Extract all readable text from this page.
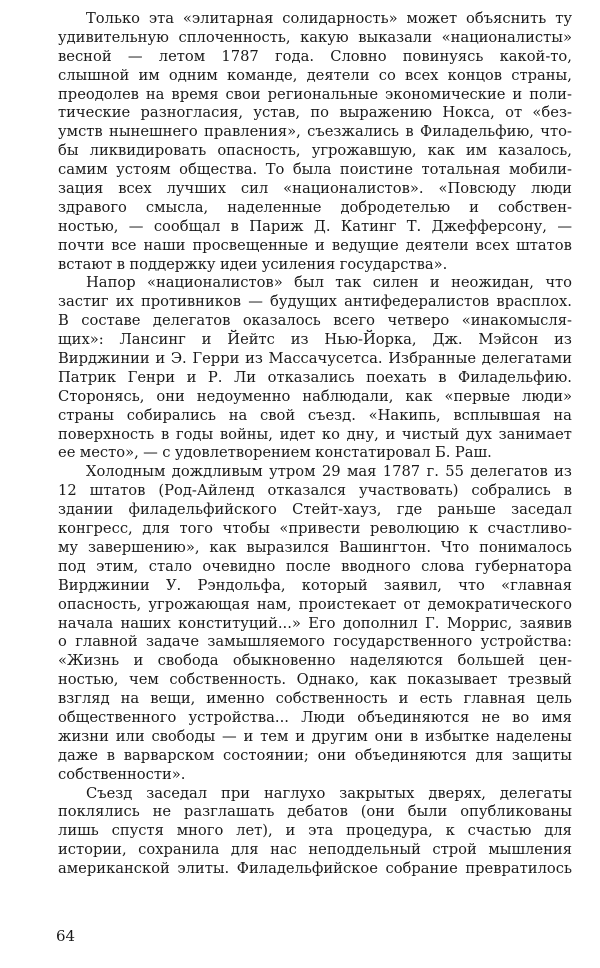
Только эта «элитарная солидарность» может объяснить ту
удивительную сплоченность, какую выказали «националисты»
весной — летом 1787 года. Словно повинуясь какой-то,
слышной им одним команде, деятели со всех концов страны,
преодолев на время свои региональные экономические и поли-
тические разногласия, устав, по выражению Нокса, от «без-
умств нынешнего правления», съезжались в Филадельфию, что-
бы ликвидировать опасность, угрожавшую, как им казалось,
самим устоям общества. То была поистине тотальная мобили-
зация всех лучших сил «националистов». «Повсюду люди
здравого смысла, наделенные добродетелью и собствен-
ностью, — сообщал в Париж Д. Катинг Т. Джефферсону, —
почти все наши просвещенные и ведущие деятели всех штатов
встают в поддержку идеи усиления государства».
Напор «националистов» был так силен и неожидан, что
застиг их противников — будущих антифедералистов врасплох.
В составе делегатов оказалось всего четверо «инакомысля-
щих»: Лансинг и Йейтс из Нью-Йорка, Дж. Мэйсон из
Вирджинии и Э. Герри из Массачусетса. Избранные делегатами
Патрик Генри и Р. Ли отказались поехать в Филадельфию.
Сторонясь, они недоуменно наблюдали, как «первые люди»
страны собирались на свой съезд. «Накипь, всплывшая на
поверхность в годы войны, идет ко дну, и чистый дух занимает
ее место», — с удовлетворением констатировал Б. Раш.
Холодным дождливым утром 29 мая 1787 г. 55 делегатов из
12 штатов (Род-Айленд отказался участвовать) собрались в
здании филадельфийского Стейт-хауз, где раньше заседал
конгресс, для того чтобы «привести революцию к счастливо-
му завершению», как выразился Вашингтон. Что понималось
под этим, стало очевидно после вводного слова губернатора
Вирджинии У. Рэндольфа, который заявил, что «главная
опасность, угрожающая нам, проистекает от демократического
начала наших конституций...» Его дополнил Г. Моррис, заявив
о главной задаче замышляемого государственного устройства:
«Жизнь и свобода обыкновенно наделяются большей цен-
ностью, чем собственность. Однако, как показывает трезвый
взгляд на вещи, именно собственность и есть главная цель
общественного устройства... Люди объединяются не во имя
жизни или свободы — и тем и другим они в избытке наделены
даже в варварском состоянии; они объединяются для защиты
собственности».
Съезд заседал при наглухо закрытых дверях, делегаты
поклялись не разглашать дебатов (они были опубликованы
лишь спустя много лет), и эта процедура, к счастью для
истории, сохранила для нас неподдельный строй мышления
американской элиты. Филадельфийское собрание превратилось
64
